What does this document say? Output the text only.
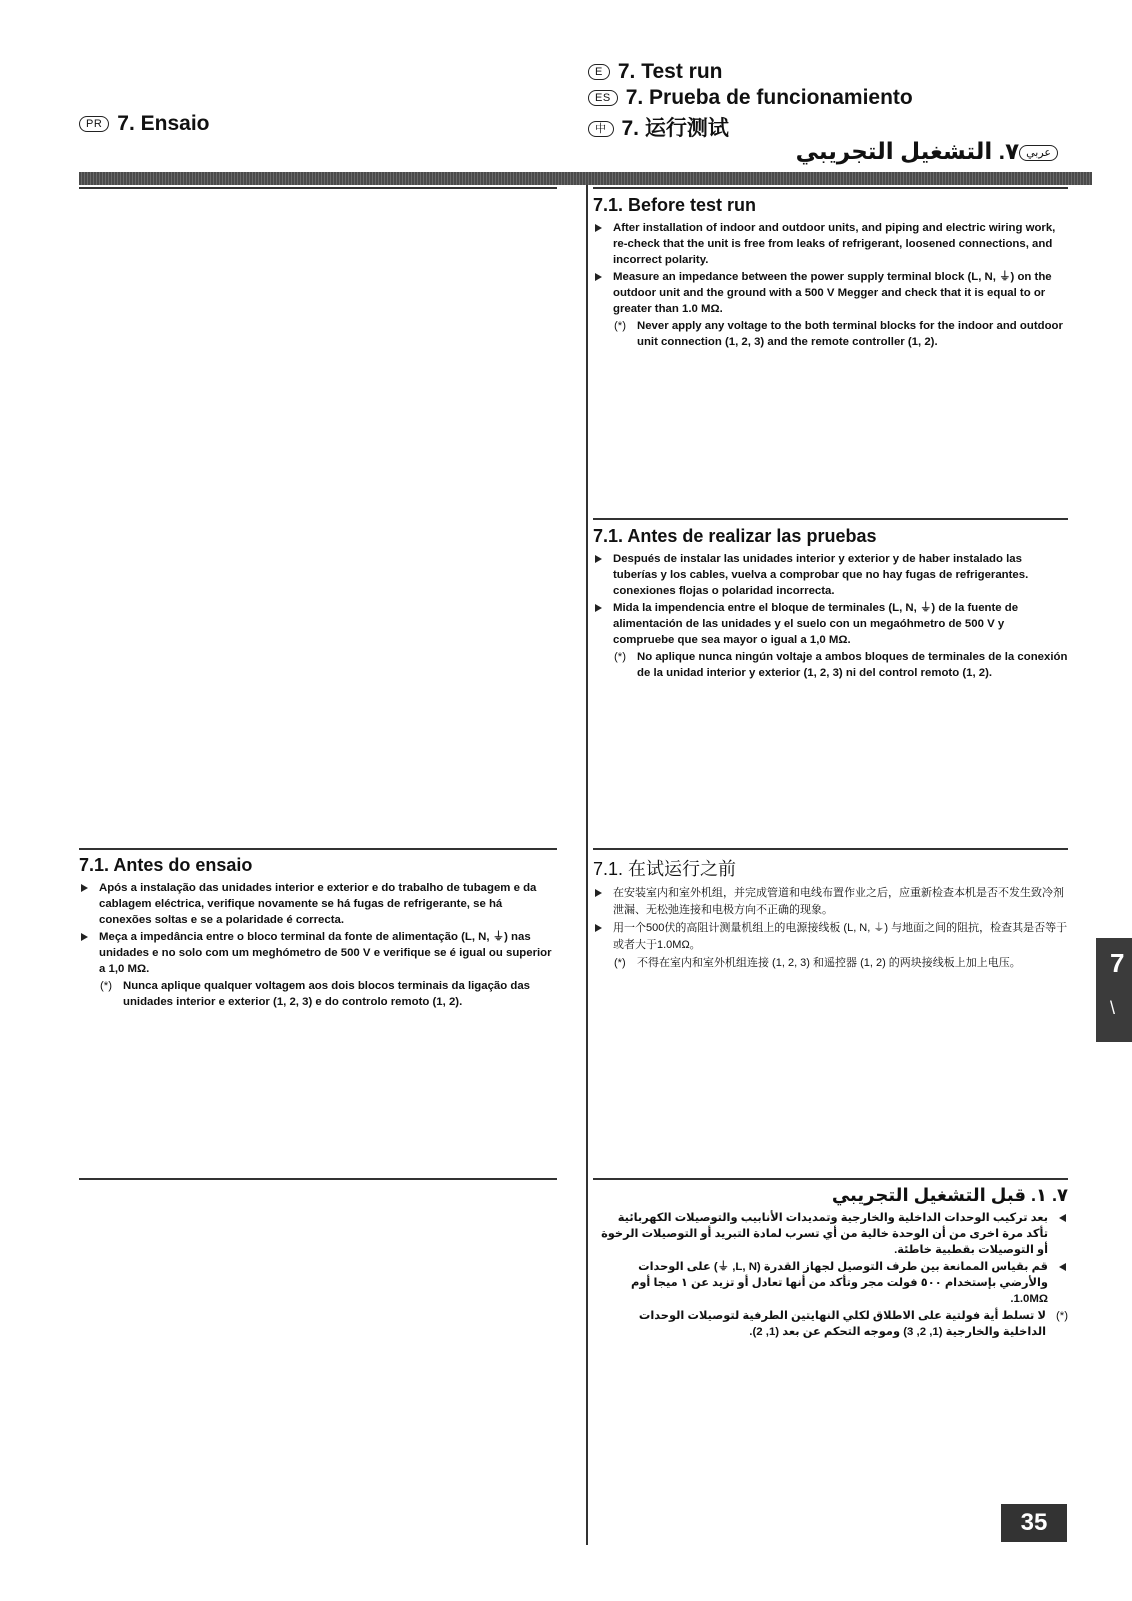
PR 7. Ensaio
E 7. Test run
ES 7. Prueba de funcionamiento
中 7. 运行测试
عربي٧. التشغيل التجريبي
7.1. Before test run
After installation of indoor and outdoor units, and piping and electric wiring work, re-check that the unit is free from leaks of refrigerant, loosened connections, and incorrect polarity.
Measure an impedance between the power supply terminal block (L, N, ⏚) on the outdoor unit and the ground with a 500 V Megger and check that it is equal to or greater than 1.0 MΩ.
(*) Never apply any voltage to the both terminal blocks for the indoor and outdoor unit connection (1, 2, 3) and the remote controller (1, 2).
7.1. Antes de realizar las pruebas
Después de instalar las unidades interior y exterior y de haber instalado las tuberías y los cables, vuelva a comprobar que no hay fugas de refrigerantes. conexiones flojas o polaridad incorrecta.
Mida la impendencia entre el bloque de terminales (L, N, ⏚) de la fuente de alimentación de las unidades y el suelo con un megaóhmetro de 500 V y compruebe que sea mayor o igual a 1,0 MΩ.
(*) No aplique nunca ningún voltaje a ambos bloques de terminales de la conexión de la unidad interior y exterior (1, 2, 3) ni del control remoto (1, 2).
7.1. Antes do ensaio
Após a instalação das unidades interior e exterior e do trabalho de tubagem e da cablagem eléctrica, verifique novamente se há fugas de refrigerante, se há conexões soltas e se a polaridade é correcta.
Meça a impedância entre o bloco terminal da fonte de alimentação (L, N, ⏚) nas unidades e no solo com um meghómetro de 500 V e verifique se é igual ou superior a 1,0 MΩ.
(*) Nunca aplique qualquer voltagem aos dois blocos terminais da ligação das unidades interior e exterior (1, 2, 3) e do controlo remoto (1, 2).
7.1. 在试运行之前
在安装室内和室外机组，并完成管道和电线布置作业之后，应重新检查本机是否不发生致冷剂泄漏、无松弛连接和电极方向不正确的现象。
用一个500伏的高阻计测量机组上的电源接线板 (L, N, ⏚) 与地面之间的阻抗，检查其是否等于或者大于1.0MΩ。
(*) 不得在室内和室外机组连接 (1, 2, 3) 和遥控器 (1, 2) 的两块接线板上加上电压。
٧. ١. قبل التشغيل التجريبي
بعد تركيب الوحدات الداخلية والخارجية وتمديدات الأنابيب والتوصيلات الكهربائية تأكد مرة اخرى من أن الوحدة خالية من أي تسرب لمادة التبريد أو التوصيلات الرخوة أو التوصيلات بقطبية خاطئة.
قم بقياس الممانعة بين طرف التوصيل لجهاز القدرة (L, N, ⏚) على الوحدات والأرضي بإستخدام ٥٠٠ فولت مجر وتأكد من أنها تعادل أو تزيد عن ١ ميجا أوم 1.0MΩ.
(*)
لا تسلط أية فولتية على الاطلاق لكلي النهايتين الطرفية لتوصيلات الوحدات الداخلية والخارجية (1, 2, 3) وموجه التحكم عن بعد (1, 2).
7
\
35
